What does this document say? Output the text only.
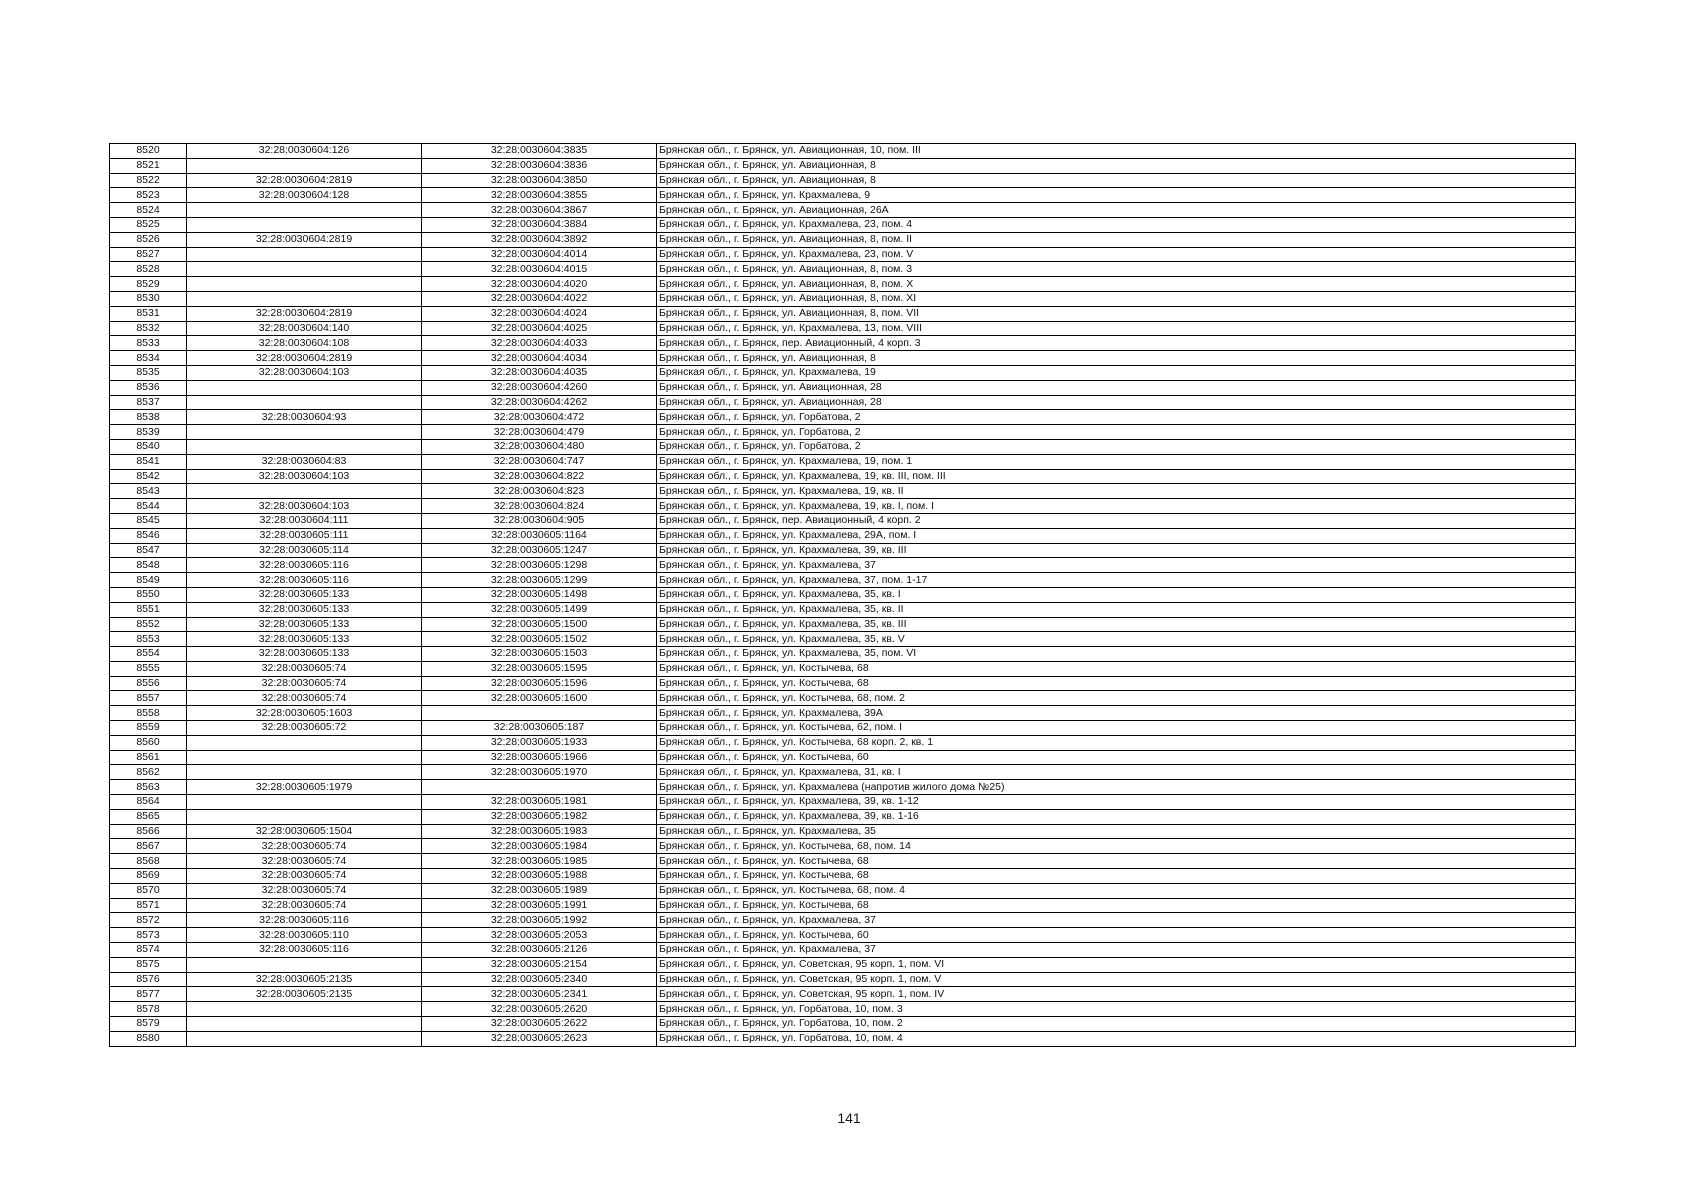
8520	32:28:0030604:126	32:28:0030604:3835	Брянская обл., г. Брянск, ул. Авиационная, 10, пом. III
8521		32:28:0030604:3836	Брянская обл., г. Брянск, ул. Авиационная, 8
8522	32:28:0030604:2819	32:28:0030604:3850	Брянская обл., г. Брянск, ул. Авиационная, 8
8523	32:28:0030604:128	32:28:0030604:3855	Брянская обл., г. Брянск, ул. Крахмалева, 9
8524		32:28:0030604:3867	Брянская обл., г. Брянск, ул. Авиационная, 26А
8525		32:28:0030604:3884	Брянская обл., г. Брянск, ул. Крахмалева, 23, пом. 4
8526	32:28:0030604:2819	32:28:0030604:3892	Брянская обл., г. Брянск, ул. Авиационная, 8, пом. II
8527		32:28:0030604:4014	Брянская обл., г. Брянск, ул. Крахмалева, 23, пом. V
8528		32:28:0030604:4015	Брянская обл., г. Брянск, ул. Авиационная, 8, пом. 3
8529		32:28:0030604:4020	Брянская обл., г. Брянск, ул. Авиационная, 8, пом. X
8530		32:28:0030604:4022	Брянская обл., г. Брянск, ул. Авиационная, 8, пом. XI
8531	32:28:0030604:2819	32:28:0030604:4024	Брянская обл., г. Брянск, ул. Авиационная, 8, пом. VII
8532	32:28:0030604:140	32:28:0030604:4025	Брянская обл., г. Брянск, ул. Крахмалева, 13, пом. VIII
8533	32:28:0030604:108	32:28:0030604:4033	Брянская обл., г. Брянск, пер. Авиационный, 4 корп. 3
8534	32:28:0030604:2819	32:28:0030604:4034	Брянская обл., г. Брянск, ул. Авиационная, 8
8535	32:28:0030604:103	32:28:0030604:4035	Брянская обл., г. Брянск, ул. Крахмалева, 19
8536		32:28:0030604:4260	Брянская обл., г. Брянск, ул. Авиационная, 28
8537		32:28:0030604:4262	Брянская обл., г. Брянск, ул. Авиационная, 28
8538	32:28:0030604:93	32:28:0030604:472	Брянская обл., г. Брянск, ул. Горбатова, 2
8539		32:28:0030604:479	Брянская обл., г. Брянск, ул. Горбатова, 2
8540		32:28:0030604:480	Брянская обл., г. Брянск, ул. Горбатова, 2
8541	32:28:0030604:83	32:28:0030604:747	Брянская обл., г. Брянск, ул. Крахмалева, 19, пом. 1
8542	32:28:0030604:103	32:28:0030604:822	Брянская обл., г. Брянск, ул. Крахмалева, 19, кв. III, пом. III
8543		32:28:0030604:823	Брянская обл., г. Брянск, ул. Крахмалева, 19, кв. II
8544	32:28:0030604:103	32:28:0030604:824	Брянская обл., г. Брянск, ул. Крахмалева, 19, кв. I, пом. I
8545	32:28:0030604:111	32:28:0030604:905	Брянская обл., г. Брянск, пер. Авиационный, 4 корп. 2
8546	32:28:0030605:111	32:28:0030605:1164	Брянская обл., г. Брянск, ул. Крахмалева, 29А, пом. I
8547	32:28:0030605:114	32:28:0030605:1247	Брянская обл., г. Брянск, ул. Крахмалева, 39, кв. III
8548	32:28:0030605:116	32:28:0030605:1298	Брянская обл., г. Брянск, ул. Крахмалева, 37
8549	32:28:0030605:116	32:28:0030605:1299	Брянская обл., г. Брянск, ул. Крахмалева, 37, пом. 1-17
8550	32:28:0030605:133	32:28:0030605:1498	Брянская обл., г. Брянск, ул. Крахмалева, 35, кв. I
8551	32:28:0030605:133	32:28:0030605:1499	Брянская обл., г. Брянск, ул. Крахмалева, 35, кв. II
8552	32:28:0030605:133	32:28:0030605:1500	Брянская обл., г. Брянск, ул. Крахмалева, 35, кв. III
8553	32:28:0030605:133	32:28:0030605:1502	Брянская обл., г. Брянск, ул. Крахмалева, 35, кв. V
8554	32:28:0030605:133	32:28:0030605:1503	Брянская обл., г. Брянск, ул. Крахмалева, 35, пом. VI
8555	32:28:0030605:74	32:28:0030605:1595	Брянская обл., г. Брянск, ул. Костычева, 68
8556	32:28:0030605:74	32:28:0030605:1596	Брянская обл., г. Брянск, ул. Костычева, 68
8557	32:28:0030605:74	32:28:0030605:1600	Брянская обл., г. Брянск, ул. Костычева, 68, пом. 2
8558	32:28:0030605:1603		Брянская обл., г. Брянск, ул. Крахмалева, 39А
8559	32:28:0030605:72	32:28:0030605:187	Брянская обл., г. Брянск, ул. Костычева, 62, пом. I
8560		32:28:0030605:1933	Брянская обл., г. Брянск, ул. Костычева, 68 корп. 2, кв. 1
8561		32:28:0030605:1966	Брянская обл., г. Брянск, ул. Костычева, 60
8562		32:28:0030605:1970	Брянская обл., г. Брянск, ул. Крахмалева, 31, кв. I
8563	32:28:0030605:1979		Брянская обл., г. Брянск, ул. Крахмалева (напротив жилого дома №25)
8564		32:28:0030605:1981	Брянская обл., г. Брянск, ул. Крахмалева, 39, кв. 1-12
8565		32:28:0030605:1982	Брянская обл., г. Брянск, ул. Крахмалева, 39, кв. 1-16
8566	32:28:0030605:1504	32:28:0030605:1983	Брянская обл., г. Брянск, ул. Крахмалева, 35
8567	32:28:0030605:74	32:28:0030605:1984	Брянская обл., г. Брянск, ул. Костычева, 68, пом. 14
8568	32:28:0030605:74	32:28:0030605:1985	Брянская обл., г. Брянск, ул. Костычева, 68
8569	32:28:0030605:74	32:28:0030605:1988	Брянская обл., г. Брянск, ул. Костычева, 68
8570	32:28:0030605:74	32:28:0030605:1989	Брянская обл., г. Брянск, ул. Костычева, 68, пом. 4
8571	32:28:0030605:74	32:28:0030605:1991	Брянская обл., г. Брянск, ул. Костычева, 68
8572	32:28:0030605:116	32:28:0030605:1992	Брянская обл., г. Брянск, ул. Крахмалева, 37
8573	32:28:0030605:110	32:28:0030605:2053	Брянская обл., г. Брянск, ул. Костычева, 60
8574	32:28:0030605:116	32:28:0030605:2126	Брянская обл., г. Брянск, ул. Крахмалева, 37
8575		32:28:0030605:2154	Брянская обл., г. Брянск, ул. Советская, 95 корп. 1, пом. VI
8576	32:28:0030605:2135	32:28:0030605:2340	Брянская обл., г. Брянск, ул. Советская, 95 корп. 1, пом. V
8577	32:28:0030605:2135	32:28:0030605:2341	Брянская обл., г. Брянск, ул. Советская, 95 корп. 1, пом. IV
8578		32:28:0030605:2620	Брянская обл., г. Брянск, ул. Горбатова, 10, пом. 3
8579		32:28:0030605:2622	Брянская обл., г. Брянск, ул. Горбатова, 10, пом. 2
8580		32:28:0030605:2623	Брянская обл., г. Брянск, ул. Горбатова, 10, пом. 4
141
